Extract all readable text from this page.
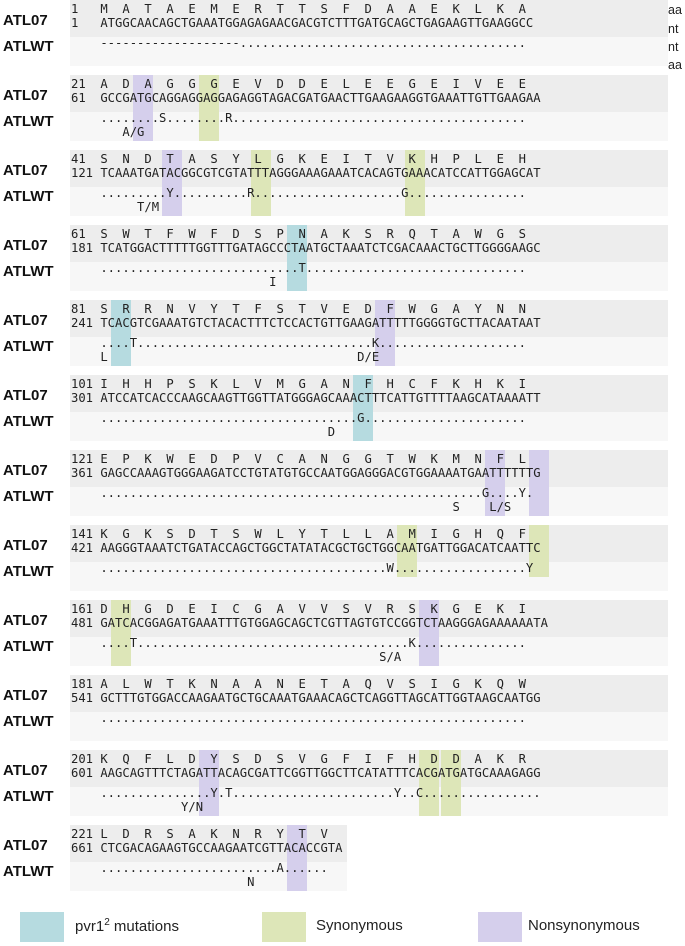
ATL07
ATLWT
1   M  A  T  A  E  M  E  R  T  T  S  F  D  A  A  E  K  L  K  A
1   ATGGCAACAGCTGAAATGGAGAGAACGACGTCTTTGATGCAGCTGAGAAGTTGAAGGCC
-------------------.......................................
ATL07
ATLWT
21  A  D  A  G  G  G  E  V  D  D  E  L  E  E  G  E  I  V  E  E
61  GCCGATGCAGGAGGAGGAGAGGTAGACGATGAACTTGAAGAAGGTGAAATTGTTGAAGAA
........S........R........................................
A/G
ATL07
ATLWT
41  S  N  D  T  A  S  Y  L  G  K  E  I  T  V  K  H  P  L  E  H
121 TCAAATGATACGGCGTCGTATTTAGGGAAAGAAATCACAGTGAAACATCCATTGGAGCAT
.........Y..........R....................G................
T/M
ATL07
ATLWT
61  S  W  T  F  W  F  D  S  P  N  A  K  S  R  Q  T  A  W  G  S
181 TCATGGACTTTTTGGTTTGATAGCCCTAATGCTAAATCTCGACAAACTGCTTGGGGAAGC
...........................T..............................
I
ATL07
ATLWT
81  S  R  R  N  V  Y  T  F  S  T  V  E  D  F  W  G  A  Y  N  N
241 TCACGTCGAAATGTCTACACTTTCTCCACTGTTGAAGATTTTTGGGGTGCTTACAATAAT
....T................................K....................
L                                  D/E
ATL07
ATLWT
101 I  H  H  P  S  K  L  V  M  G  A  N  F  H  C  F  K  H  K  I
301 ATCCATCACCCAAGCAAGTTGGTTATGGGAGCAAACTTTCATTGTTTTAAGCATAAAATT
...................................G......................
D
ATL07
ATLWT
121 E  P  K  W  E  D  P  V  C  A  N  G  G  T  W  K  M  N  F  L
361 GAGCCAAAGTGGGAAGATCCTGTATGTGCCAATGGAGGGACGTGGAAAATGAATTTTTTG
....................................................G....Y.
S    L/S
ATL07
ATLWT
141 K  G  K  S  D  T  S  W  L  Y  T  L  L  A  M  I  G  H  Q  F
421 AAGGGTAAATCTGATACCAGCTGGCTATATACGCTGCTGGCAATGATTGGACATCAATTC
.......................................W..................Y
ATL07
ATLWT
161 D  H  G  D  E  I  C  G  A  V  V  S  V  R  S  K  G  E  K  I
481 GATCACGGAGATGAAATTTGTGGAGCAGCTCGTTAGTGTCCGGTCTAAGGGAGAAAAAATA
....T.....................................K...............
S/A
ATL07
ATLWT
181 A  L  W  T  K  N  A  A  N  E  T  A  Q  V  S  I  G  K  Q  W
541 GCTTTGTGGACCAAGAATGCTGCAAATGAAACAGCTCAGGTTAGCATTGGTAAGCAATGG
..........................................................
ATL07
ATLWT
201 K  Q  F  L  D  Y  S  D  S  V  G  F  I  F  H  D  D  A  K  R
601 AAGCAGTTTCTAGATTACAGCGATTCGGTTGGCTTCATATTTCACGATGATGCAAAGAGG
...............Y.T......................Y..C................
Y/N
ATL07
ATLWT
221 L  D  R  S  A  K  N  R  Y  T  V
661 CTCGACAGAAGTGCCAAGAATCGTTACACCGTA
........................A......
N
aa
nt
nt
aa
$pvr1^2$ mutations	Synonymous	Nonsynonymous
